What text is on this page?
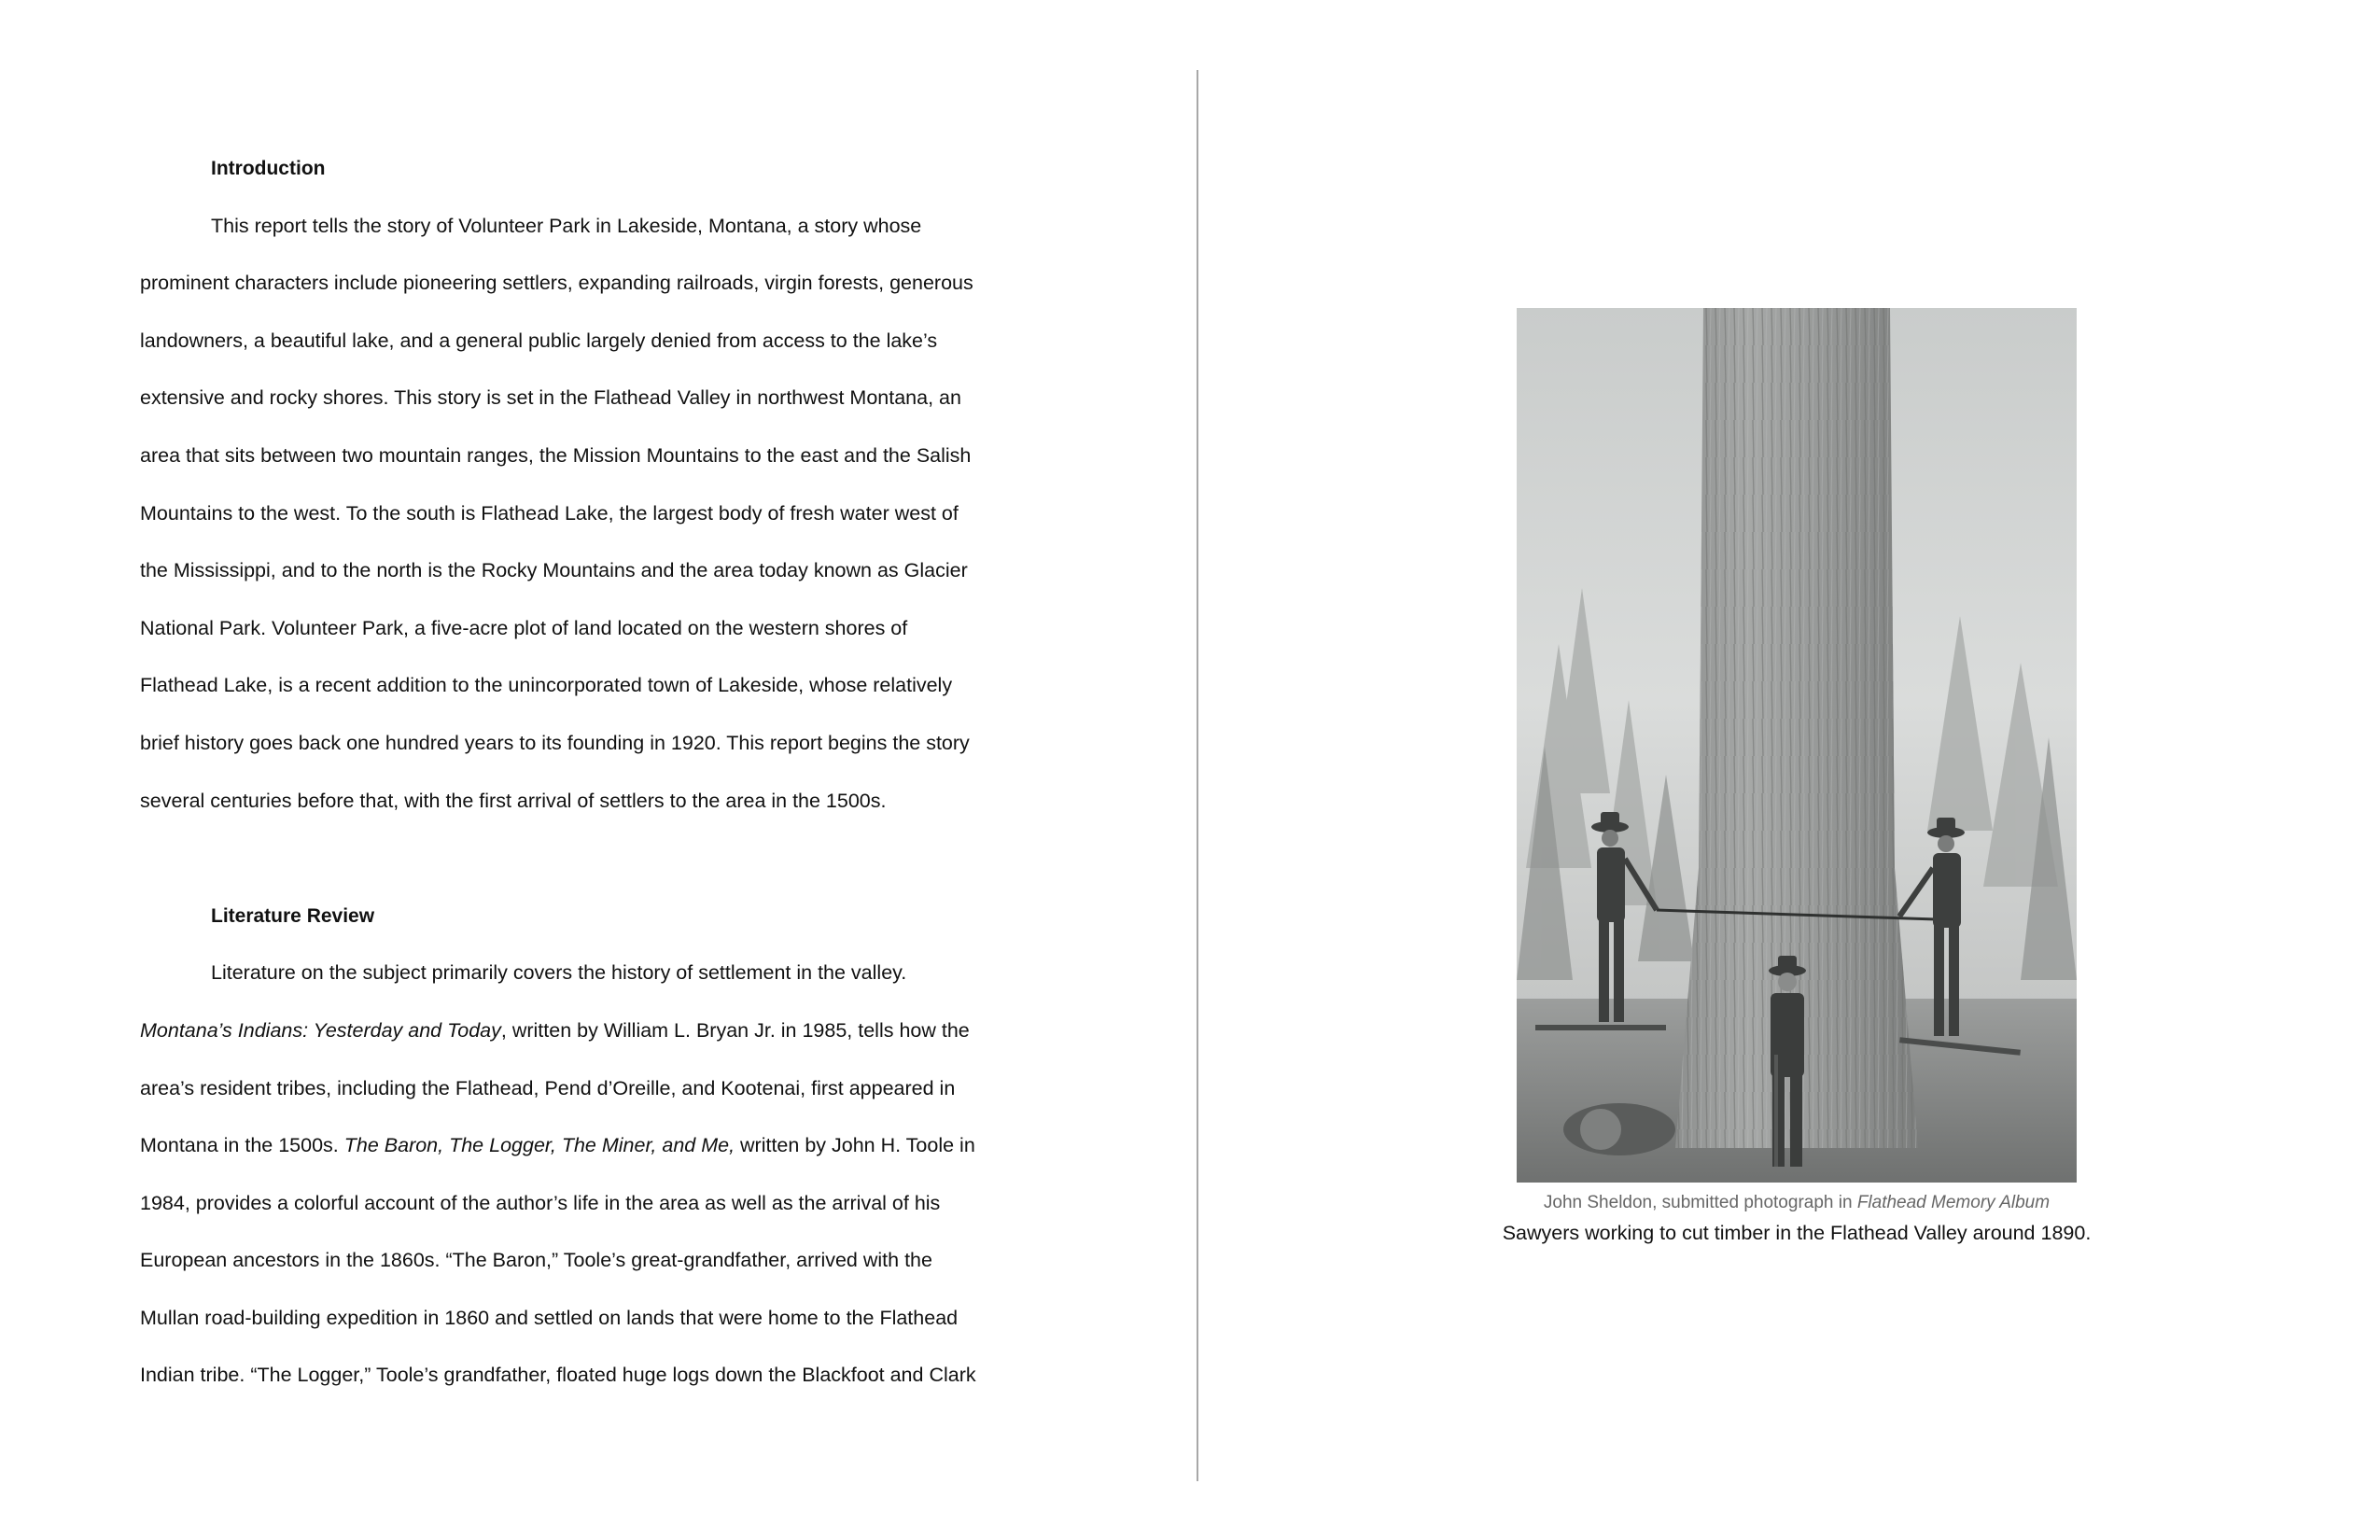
Introduction

This report tells the story of Volunteer Park in Lakeside, Montana, a story whose
prominent characters include pioneering settlers, expanding railroads, virgin forests, generous
landowners, a beautiful lake, and a general public largely denied from access to the lake’s
extensive and rocky shores. This story is set in the Flathead Valley in northwest Montana, an
area that sits between two mountain ranges, the Mission Mountains to the east and the Salish
Mountains to the west. To the south is Flathead Lake, the largest body of fresh water west of
the Mississippi, and to the north is the Rocky Mountains and the area today known as Glacier
National Park. Volunteer Park, a five-acre plot of land located on the western shores of
Flathead Lake, is a recent addition to the unincorporated town of Lakeside, whose relatively
brief history goes back one hundred years to its founding in 1920. This report begins the story
several centuries before that, with the first arrival of settlers to the area in the 1500s.

Literature Review

Literature on the subject primarily covers the history of settlement in the valley.
Montana’s Indians: Yesterday and Today, written by William L. Bryan Jr. in 1985, tells how the
area’s resident tribes, including the Flathead, Pend d’Oreille, and Kootenai, first appeared in
Montana in the 1500s. The Baron, The Logger, The Miner, and Me, written by John H. Toole in
1984, provides a colorful account of the author’s life in the area as well as the arrival of his
European ancestors in the 1860s. “The Baron,” Toole’s great-grandfather, arrived with the
Mullan road-building expedition in 1860 and settled on lands that were home to the Flathead
Indian tribe. “The Logger,” Toole’s grandfather, floated huge logs down the Blackfoot and Clark

John Sheldon, submitted photograph in Flathead Memory Album
Sawyers working to cut timber in the Flathead Valley around 1890.
